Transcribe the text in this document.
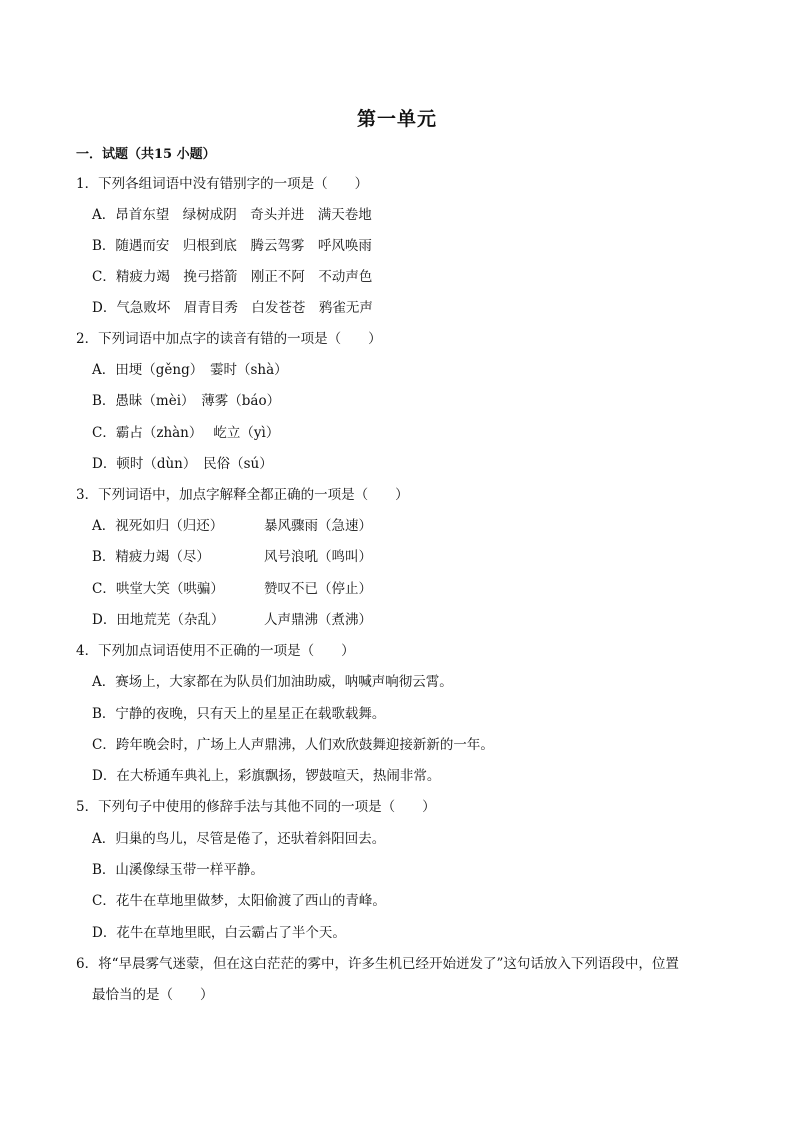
第一单元
一．试题（共15 小题）
1．下列各组词语中没有错别字的一项是（　　）
A．昂首东望　绿树成阴　奇头并进　满天卷地
B．随遇而安　归根到底　腾云驾雾　呼风唤雨
C．精疲力竭　挽弓搭箭　刚正不阿　不动声色
D．气急败坏　眉青目秀　白发苍苍　鸦雀无声
2．下列词语中加点字的读音有错的一项是（　　）
A．田埂（gěng）　霎时（shà）
B．愚昧（mèi）　薄雾（báo）
C．霸占（zhàn）　 屹立（yì）
D．顿时（dùn）　民俗（sú）
3．下列词语中，加点字解释全都正确的一项是（　　）
A．视死如归（归还）	暴风骤雨（急速）
B．精疲力竭（尽）	风号浪吼（鸣叫）
C．哄堂大笑（哄骗）	赞叹不已（停止）
D．田地荒芜（杂乱）	人声鼎沸（煮沸）
4．下列加点词语使用不正确的一项是（　　）
A．赛场上，大家都在为队员们加油助威，呐喊声响彻云霄。
B．宁静的夜晚，只有天上的星星正在载歌载舞。
C．跨年晚会时，广场上人声鼎沸，人们欢欣鼓舞迎接新新的一年。
D．在大桥通车典礼上，彩旗飘扬，锣鼓喧天，热闹非常。
5．下列句子中使用的修辞手法与其他不同的一项是（　　）
A．归巢的鸟儿，尽管是倦了，还驮着斜阳回去。
B．山溪像绿玉带一样平静。
C．花牛在草地里做梦，太阳偷渡了西山的青峰。
D．花牛在草地里眠，白云霸占了半个天。
6．将“早晨雾气迷蒙，但在这白茫茫的雾中，许多生机已经开始迸发了”这句话放入下列语段中，位置
最恰当的是（　　）
